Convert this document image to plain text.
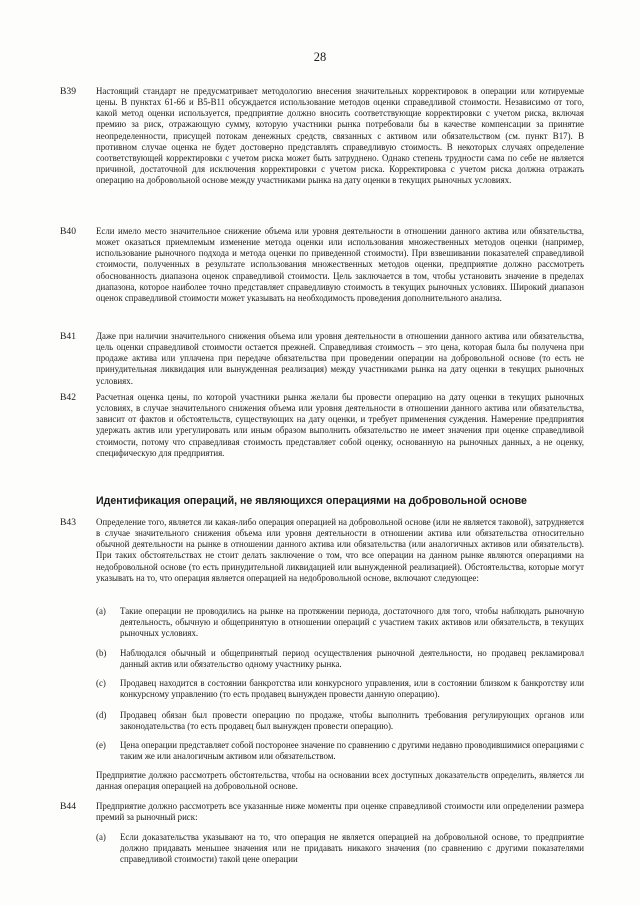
28
B39 Настоящий стандарт не предусматривает методологию внесения значительных корректировок в операции или котируемые цены. В пунктах 61-66 и B5-B11 обсуждается использование методов оценки справедливой стоимости. Независимо от того, какой метод оценки используется, предприятие должно вносить соответствующие корректировки с учетом риска, включая премию за риск, отражающую сумму, которую участники рынка потребовали бы в качестве компенсации за принятие неопределенности, присущей потокам денежных средств, связанных с активом или обязательством (см. пункт B17). В противном случае оценка не будет достоверно представлять справедливую стоимость. В некоторых случаях определение соответствующей корректировки с учетом риска может быть затруднено. Однако степень трудности сама по себе не является причиной, достаточной для исключения корректировки с учетом риска. Корректировка с учетом риска должна отражать операцию на добровольной основе между участниками рынка на дату оценки в текущих рыночных условиях.
B40 Если имело место значительное снижение объема или уровня деятельности в отношении данного актива или обязательства, может оказаться приемлемым изменение метода оценки или использования множественных методов оценки (например, использование рыночного подхода и метода оценки по приведенной стоимости). При взвешивании показателей справедливой стоимости, полученных в результате использования множественных методов оценки, предприятие должно рассмотреть обоснованность диапазона оценок справедливой стоимости. Цель заключается в том, чтобы установить значение в пределах диапазона, которое наиболее точно представляет справедливую стоимость в текущих рыночных условиях. Широкий диапазон оценок справедливой стоимости может указывать на необходимость проведения дополнительного анализа.
B41 Даже при наличии значительного снижения объема или уровня деятельности в отношении данного актива или обязательства, цель оценки справедливой стоимости остается прежней. Справедливая стоимость – это цена, которая была бы получена при продаже актива или уплачена при передаче обязательства при проведении операции на добровольной основе (то есть не принудительная ликвидация или вынужденная реализация) между участниками рынка на дату оценки в текущих рыночных условиях.
B42 Расчетная оценка цены, по которой участники рынка желали бы провести операцию на дату оценки в текущих рыночных условиях, в случае значительного снижения объема или уровня деятельности в отношении данного актива или обязательства, зависит от фактов и обстоятельств, существующих на дату оценки, и требует применения суждения. Намерение предприятия удержать актив или урегулировать или иным образом выполнить обязательство не имеет значения при оценке справедливой стоимости, потому что справедливая стоимость представляет собой оценку, основанную на рыночных данных, а не оценку, специфическую для предприятия.
Идентификация операций, не являющихся операциями на добровольной основе
B43 Определение того, является ли какая-либо операция операцией на добровольной основе (или не является таковой), затрудняется в случае значительного снижения объема или уровня деятельности в отношении актива или обязательства относительно обычной деятельности на рынке в отношении данного актива или обязательства (или аналогичных активов или обязательств). При таких обстоятельствах не стоит делать заключение о том, что все операции на данном рынке являются операциями на недобровольной основе (то есть принудительной ликвидацией или вынужденной реализацией). Обстоятельства, которые могут указывать на то, что операция является операцией на недобровольной основе, включают следующее:
(a) Такие операции не проводились на рынке на протяжении периода, достаточного для того, чтобы наблюдать рыночную деятельность, обычную и общепринятую в отношении операций с участием таких активов или обязательств, в текущих рыночных условиях.
(b) Наблюдался обычный и общепринятый период осуществления рыночной деятельности, но продавец рекламировал данный актив или обязательство одному участнику рынка.
(c) Продавец находится в состоянии банкротства или конкурсного управления, или в состоянии близком к банкротству или конкурсному управлению (то есть продавец вынужден провести данную операцию).
(d) Продавец обязан был провести операцию по продаже, чтобы выполнить требования регулирующих органов или законодательства (то есть продавец был вынужден провести операцию).
(e) Цена операции представляет собой посторонее значение по сравнению с другими недавно проводившимися операциями с таким же или аналогичным активом или обязательством.
Предприятие должно рассмотреть обстоятельства, чтобы на основании всех доступных доказательств определить, является ли данная операция операцией на добровольной основе.
B44 Предприятие должно рассмотреть все указанные ниже моменты при оценке справедливой стоимости или определении размера премий за рыночный риск:
(a) Если доказательства указывают на то, что операция не является операцией на добровольной основе, то предприятие должно придавать меньшее значения или не придавать никакого значения (по сравнению с другими показателями справедливой стоимости) такой цене операции
